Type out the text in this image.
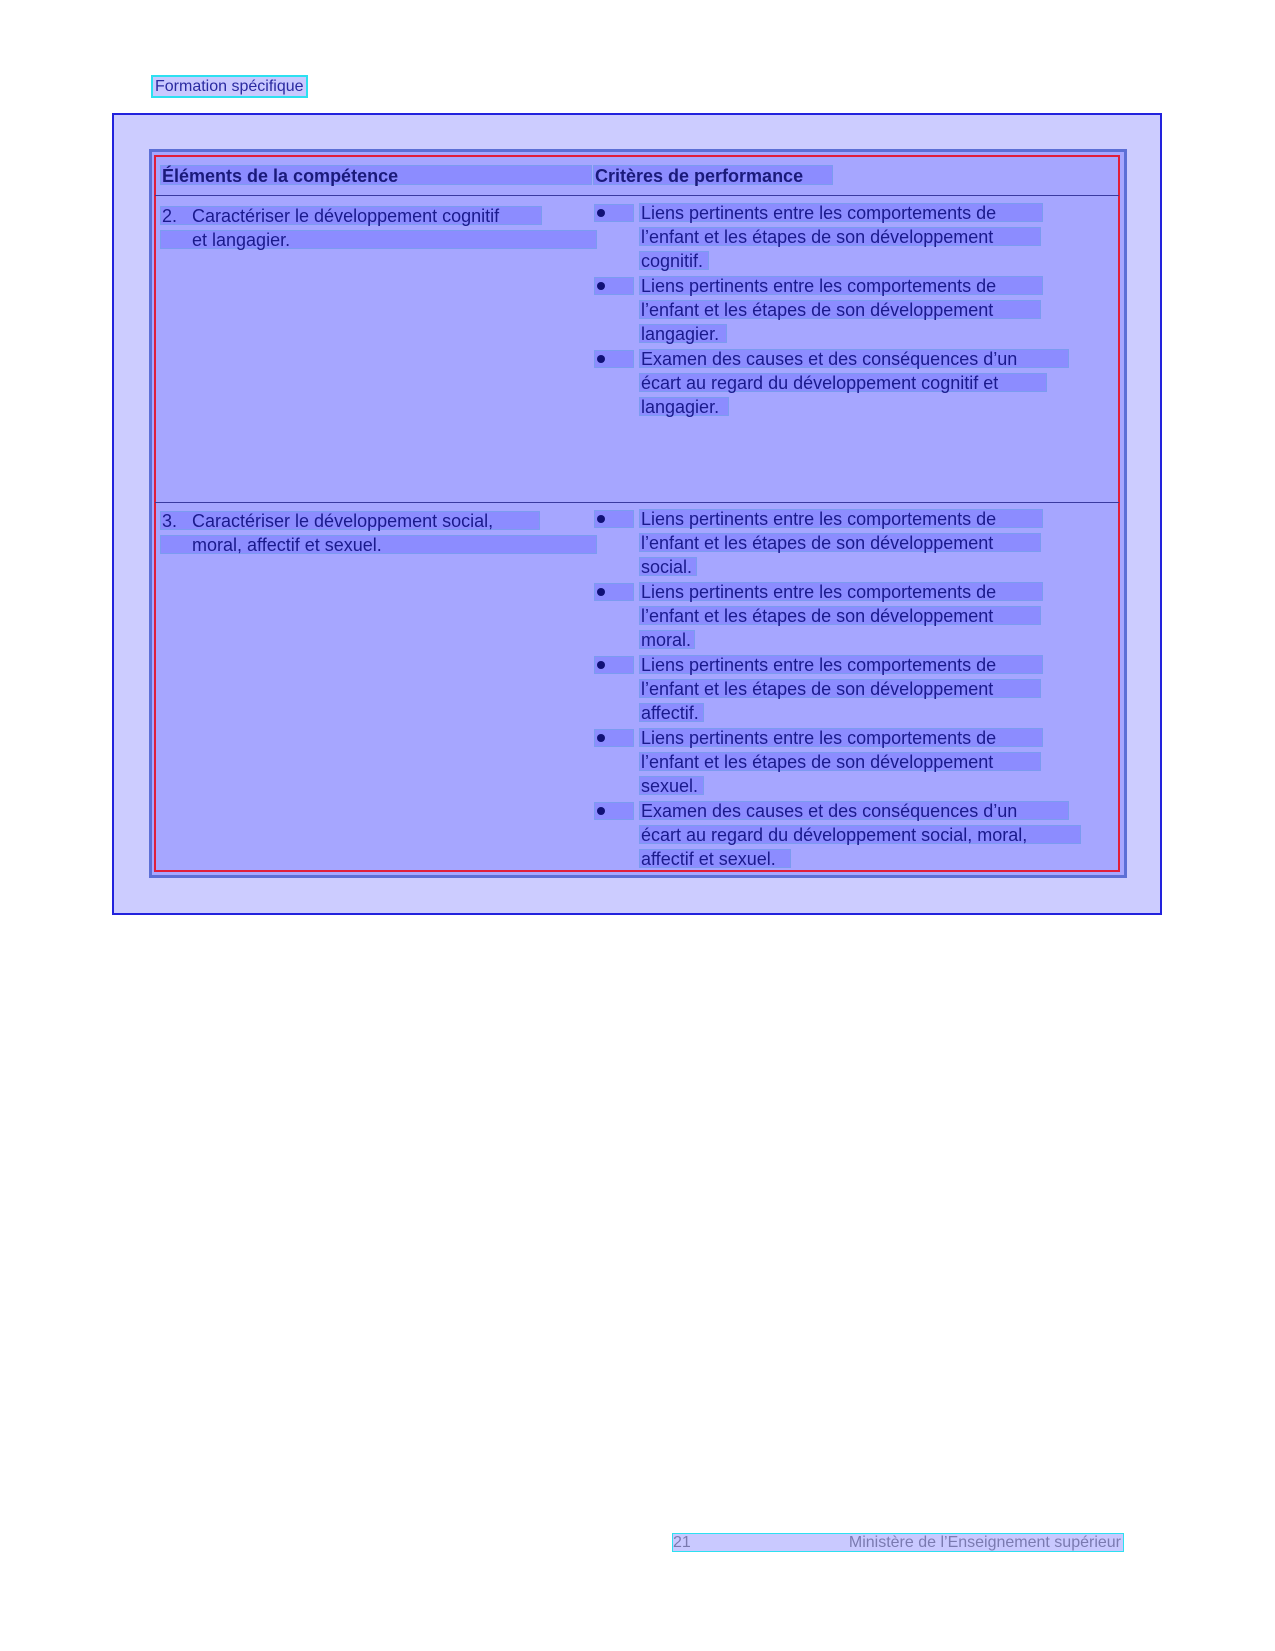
Formation spécifique
Éléments de la compétence	Critères de performance
2.   Caractériser le développement cognitif
et langagier.
Liens pertinents entre les comportements de
l’enfant et les étapes de son développement
cognitif.
Liens pertinents entre les comportements de
l’enfant et les étapes de son développement
langagier.
Examen des causes et des conséquences d’un
écart au regard du développement cognitif et
langagier.
3.   Caractériser le développement social,
moral, affectif et sexuel.
Liens pertinents entre les comportements de
l’enfant et les étapes de son développement
social.
Liens pertinents entre les comportements de
l’enfant et les étapes de son développement
moral.
Liens pertinents entre les comportements de
l’enfant et les étapes de son développement
affectif.
Liens pertinents entre les comportements de
l’enfant et les étapes de son développement
sexuel.
Examen des causes et des conséquences d’un
écart au regard du développement social, moral,
affectif et sexuel.
21	Ministère de l’Enseignement supérieur
